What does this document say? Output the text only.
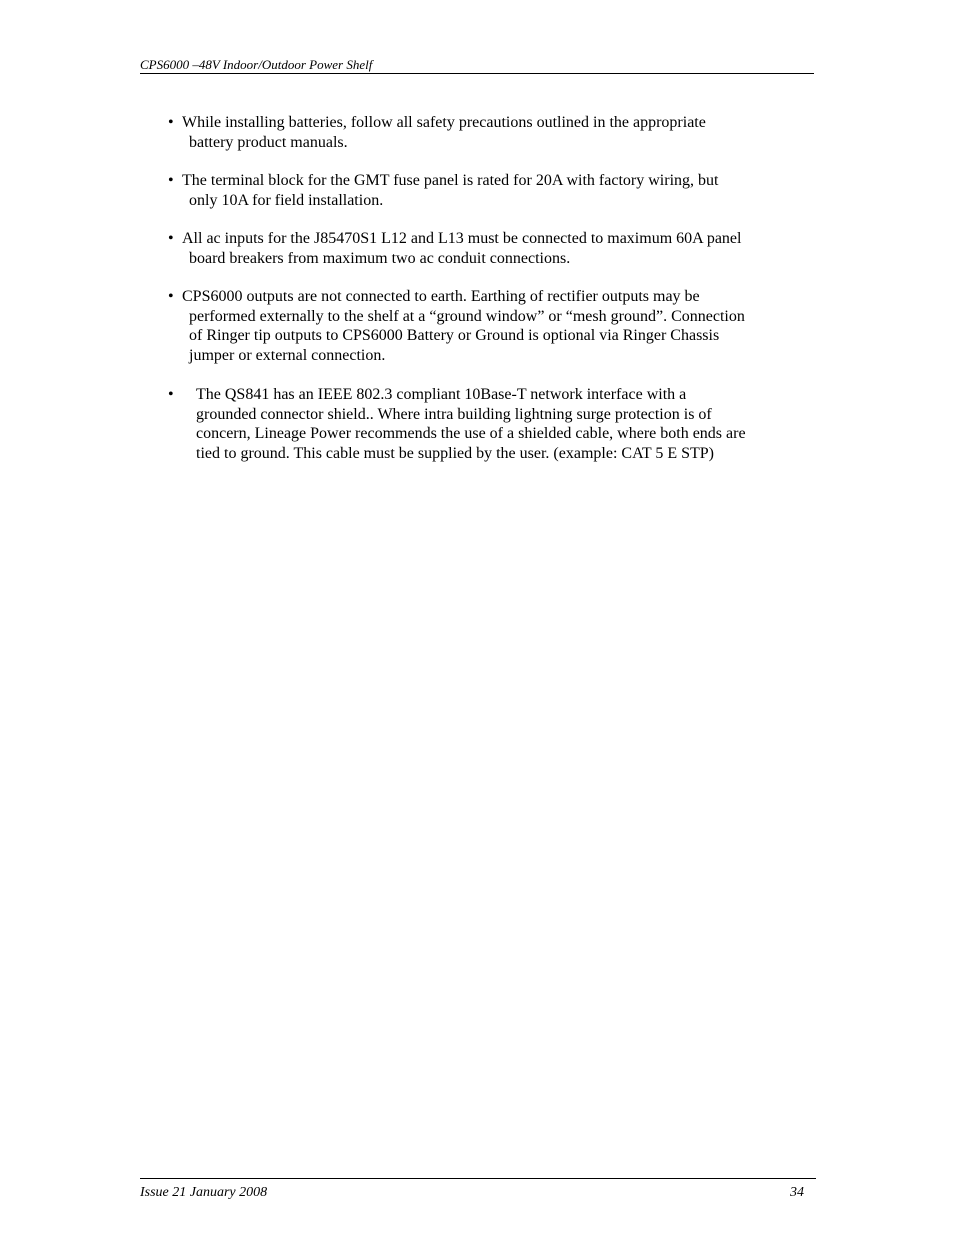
CPS6000 –48V Indoor/Outdoor Power Shelf
• While installing batteries, follow all safety precautions outlined in the appropriate
battery product manuals.
• The terminal block for the GMT fuse panel is rated for 20A with factory wiring, but
only 10A for field installation.
• All ac inputs for the J85470S1 L12 and L13 must be connected to maximum 60A panel
board breakers from maximum two ac conduit connections.
• CPS6000 outputs are not connected to earth. Earthing of rectifier outputs may be
performed externally to the shelf at a “ground window” or “mesh ground”. Connection
of Ringer tip outputs to CPS6000 Battery or Ground is optional via Ringer Chassis
jumper or external connection.
• The QS841 has an IEEE 802.3 compliant 10Base-T network interface with a
grounded connector shield.. Where intra building lightning surge protection is of
concern, Lineage Power recommends the use of a shielded cable, where both ends are
tied to ground. This cable must be supplied by the user. (example: CAT 5 E STP)
Issue 21 January 2008	34
